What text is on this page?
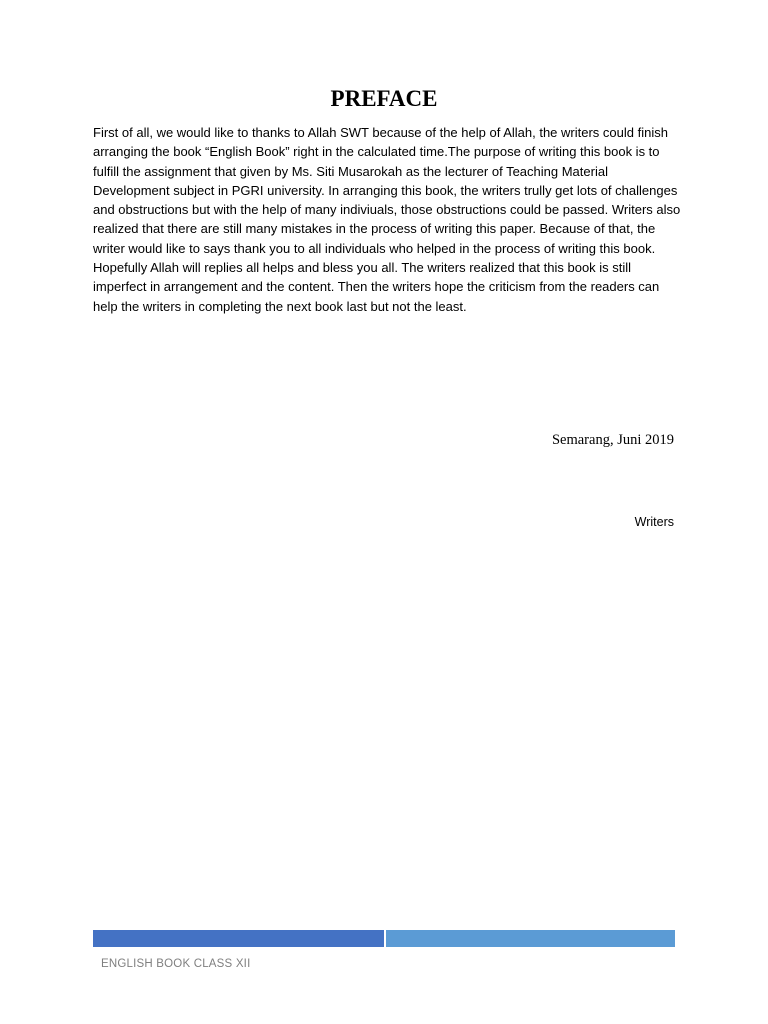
PREFACE

First of all, we would like to thanks to Allah SWT because of the help of Allah, the writers could finish arranging the book “English Book” right in the calculated time.The purpose of writing this book is to fulfill the assignment that given by Ms. Siti Musarokah as the lecturer of Teaching Material Development subject in PGRI university. In arranging this book, the writers trully get lots of challenges and obstructions but with the help of many indiviuals, those obstructions could be passed. Writers also realized that there are still many mistakes in the process of writing this paper. Because of that, the writer would like to says thank you to all individuals who helped in the process of writing this book. Hopefully Allah will replies all helps and bless you all. The writers realized that this book is still imperfect in arrangement and the content. Then the writers hope the criticism from the readers can help the writers in completing the next book last but not the least.

Semarang, Juni 2019
Writers
ENGLISH BOOK CLASS XII
